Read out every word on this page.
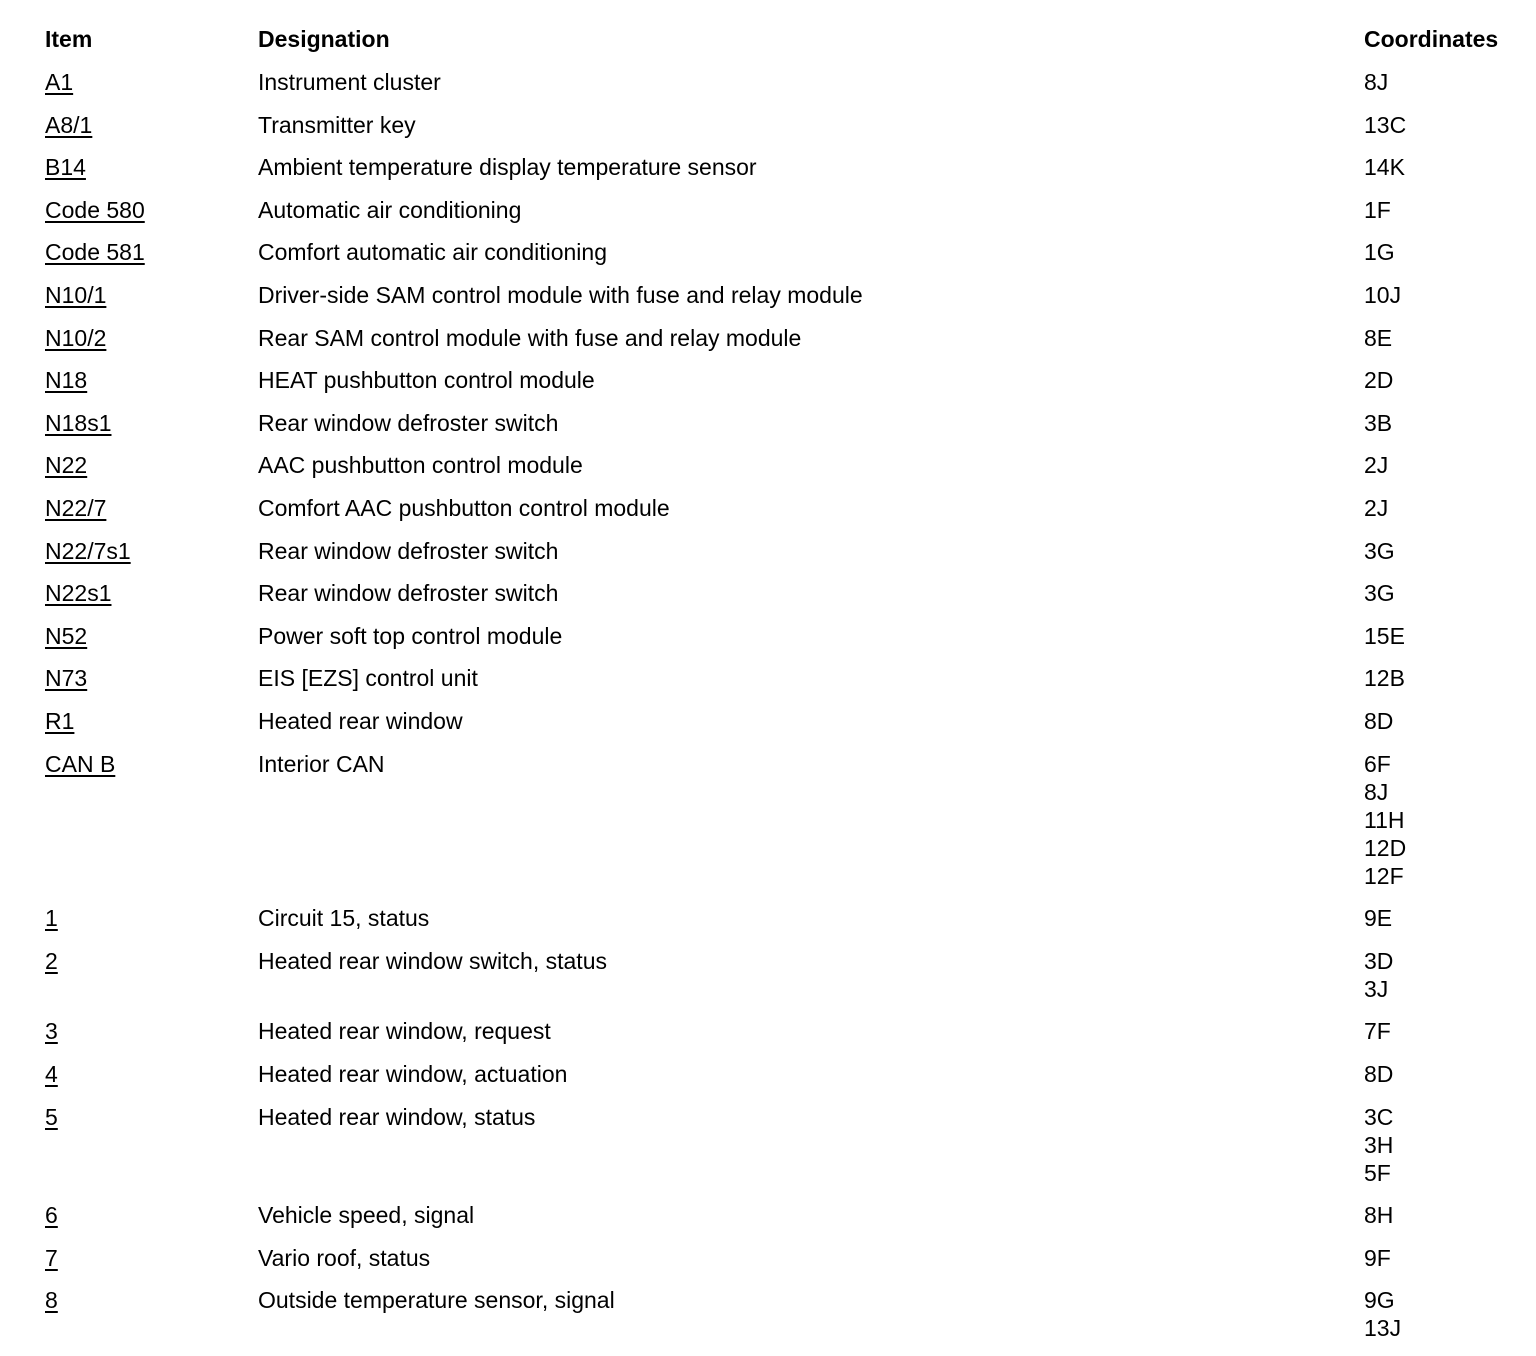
Item	Designation	Coordinates
A1	Instrument cluster	8J
A8/1	Transmitter key	13C
B14	Ambient temperature display temperature sensor	14K
Code 580	Automatic air conditioning	1F
Code 581	Comfort automatic air conditioning	1G
N10/1	Driver-side SAM control module with fuse and relay module	10J
N10/2	Rear SAM control module with fuse and relay module	8E
N18	HEAT pushbutton control module	2D
N18s1	Rear window defroster switch	3B
N22	AAC pushbutton control module	2J
N22/7	Comfort AAC pushbutton control module	2J
N22/7s1	Rear window defroster switch	3G
N22s1	Rear window defroster switch	3G
N52	Power soft top control module	15E
N73	EIS [EZS] control unit	12B
R1	Heated rear window	8D
CAN B	Interior CAN	6F
8J
11H
12D
12F
1	Circuit 15, status	9E
2	Heated rear window switch, status	3D
3J
3	Heated rear window, request	7F
4	Heated rear window, actuation	8D
5	Heated rear window, status	3C
3H
5F
6	Vehicle speed, signal	8H
7	Vario roof, status	9F
8	Outside temperature sensor, signal	9G
13J
